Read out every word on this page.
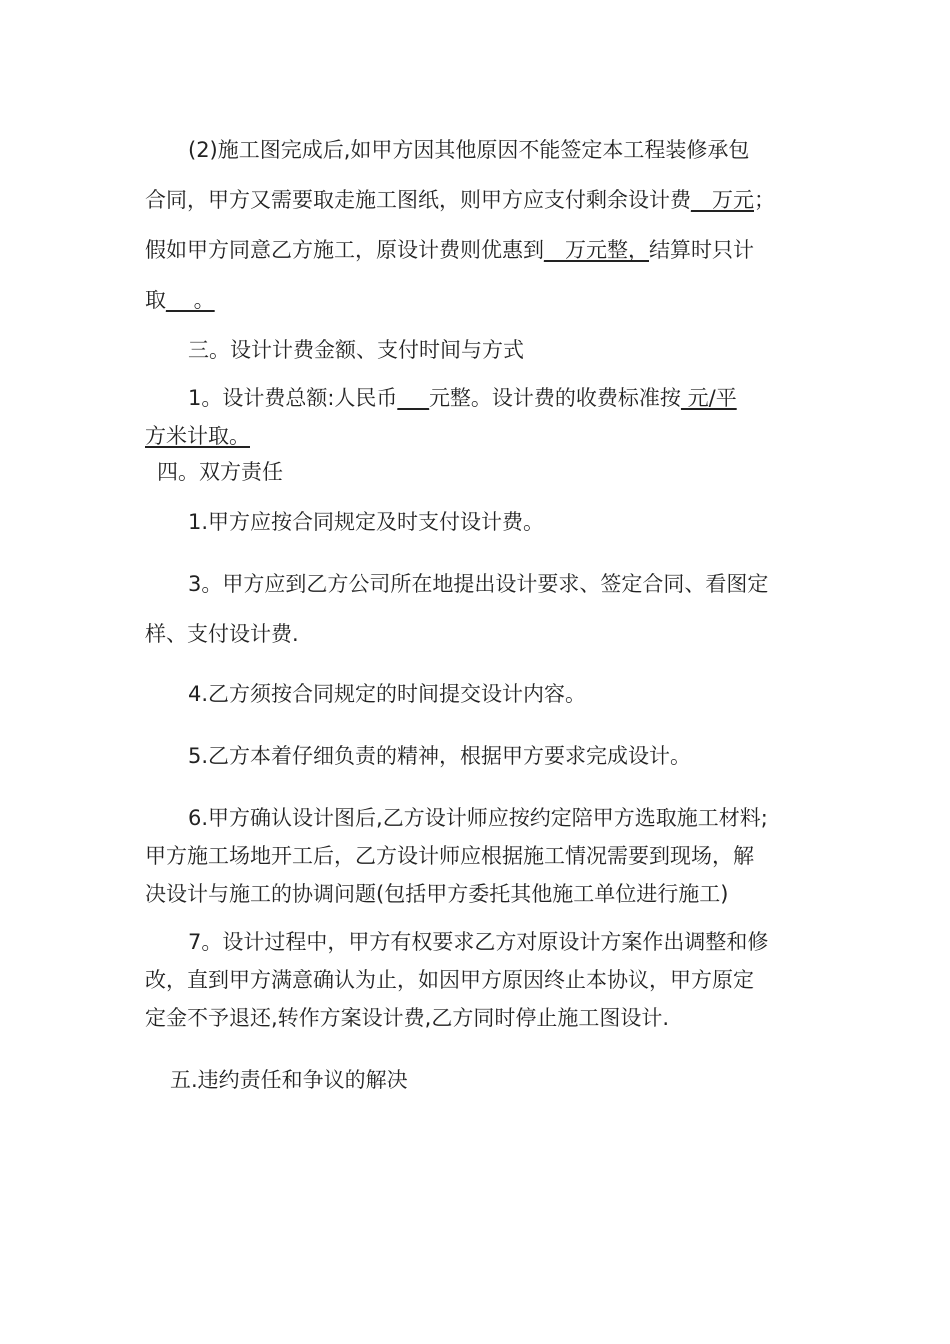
(2)施工图完成后,如甲方因其他原因不能签定本工程装修承包
合同，甲方又需要取走施工图纸，则甲方应支付剩余设计费__万元；
假如甲方同意乙方施工，原设计费则优惠到__万元整，结算时只计
取__ 。
三。设计计费金额、支付时间与方式
1。设计费总额:人民币___元整。设计费的收费标准按 元/平
方米计取。
四。双方责任
1.甲方应按合同规定及时支付设计费。
3。甲方应到乙方公司所在地提出设计要求、签定合同、看图定
样、支付设计费.
4.乙方须按合同规定的时间提交设计内容。
5.乙方本着仔细负责的精神，根据甲方要求完成设计。
6.甲方确认设计图后,乙方设计师应按约定陪甲方选取施工材料;
甲方施工场地开工后，乙方设计师应根据施工情况需要到现场，解
决设计与施工的协调问题(包括甲方委托其他施工单位进行施工)
7。设计过程中，甲方有权要求乙方对原设计方案作出调整和修
改，直到甲方满意确认为止，如因甲方原因终止本协议，甲方原定
定金不予退还,转作方案设计费,乙方同时停止施工图设计.
五.违约责任和争议的解决
